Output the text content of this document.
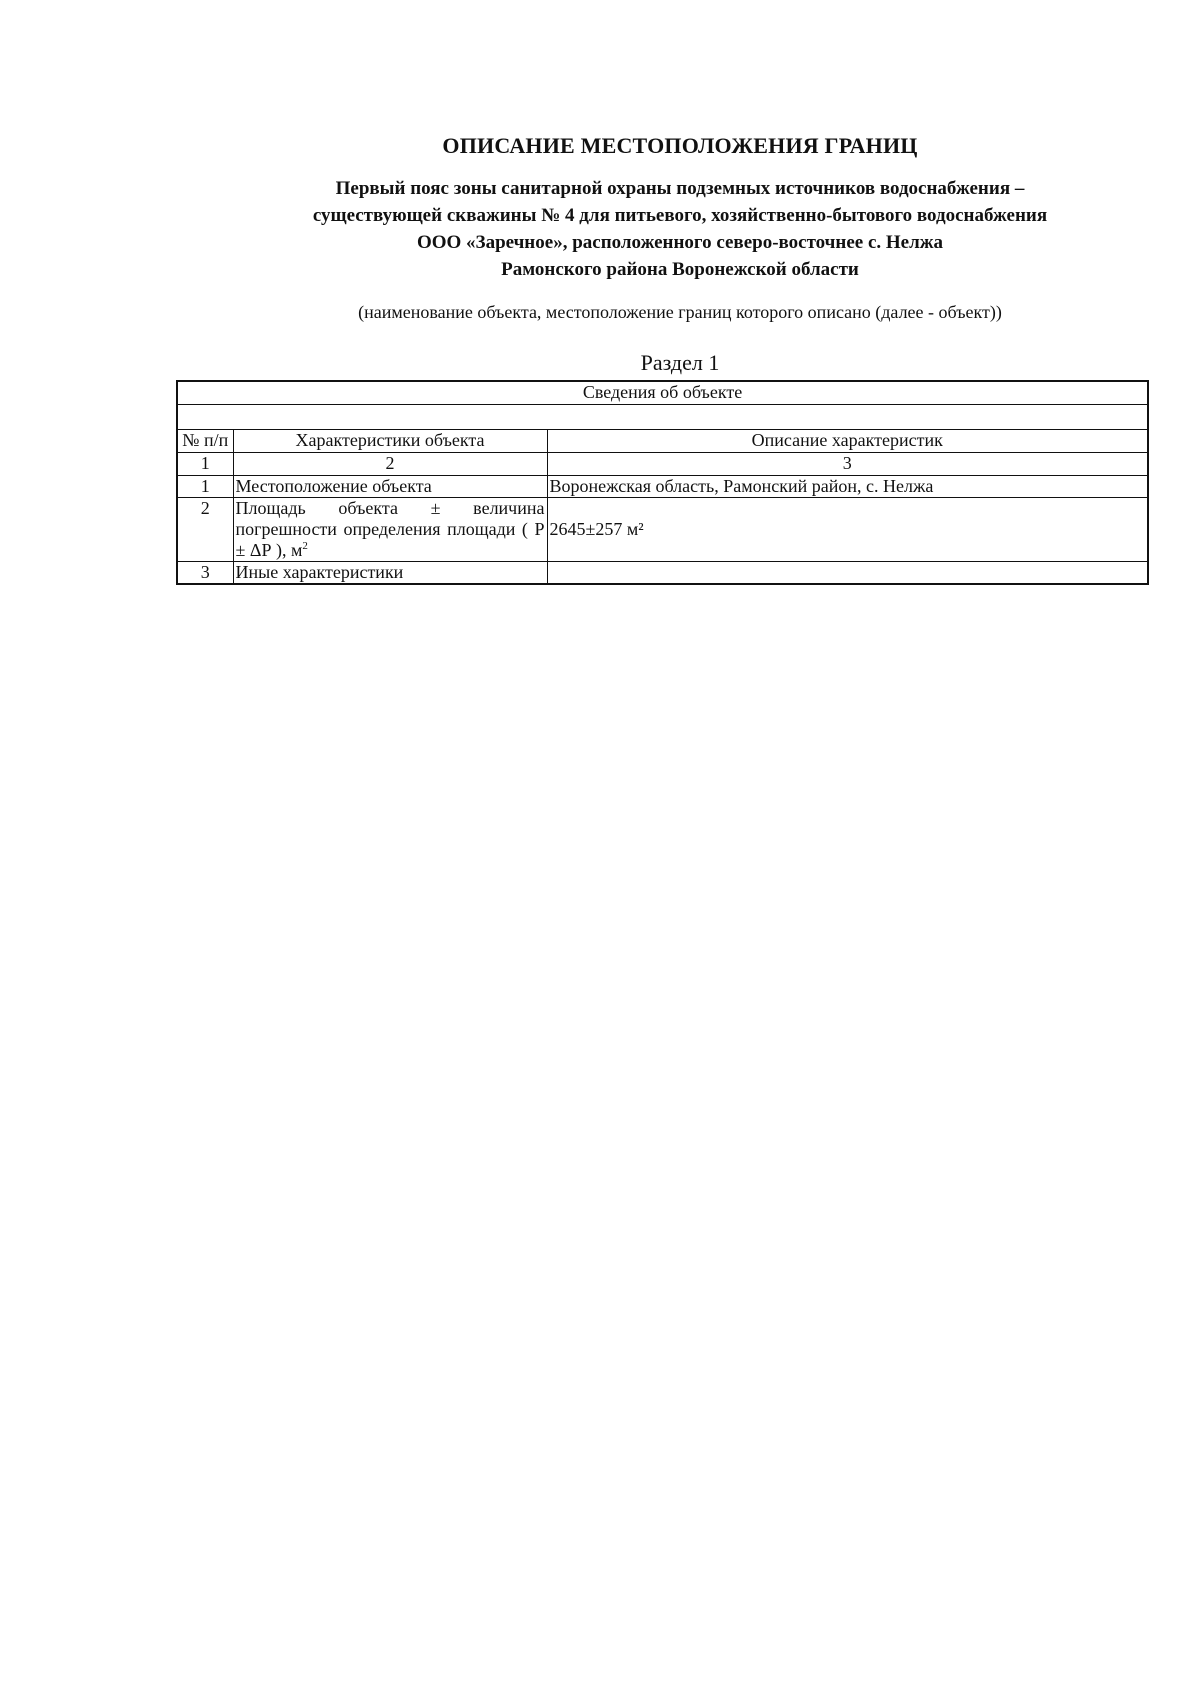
ОПИСАНИЕ МЕСТОПОЛОЖЕНИЯ ГРАНИЦ
Первый пояс зоны санитарной охраны подземных источников водоснабжения –
существующей скважины № 4 для питьевого, хозяйственно-бытового водоснабжения
ООО «Заречное», расположенного северо-восточнее с. Нелжа
Рамонского района Воронежской области
(наименование объекта, местоположение границ которого описано (далее - объект))
Раздел 1
Сведения об объекте		

№ п/п	Характеристики объекта	Описание характеристик
1	2	3
1	Местоположение объекта	Воронежская область, Рамонский район, с. Нелжа
2	Площадь объекта ± величина погрешности определения площади ( Р ± ΔР ), $м^2$	2645±257 м²
3	Иные характеристики	
